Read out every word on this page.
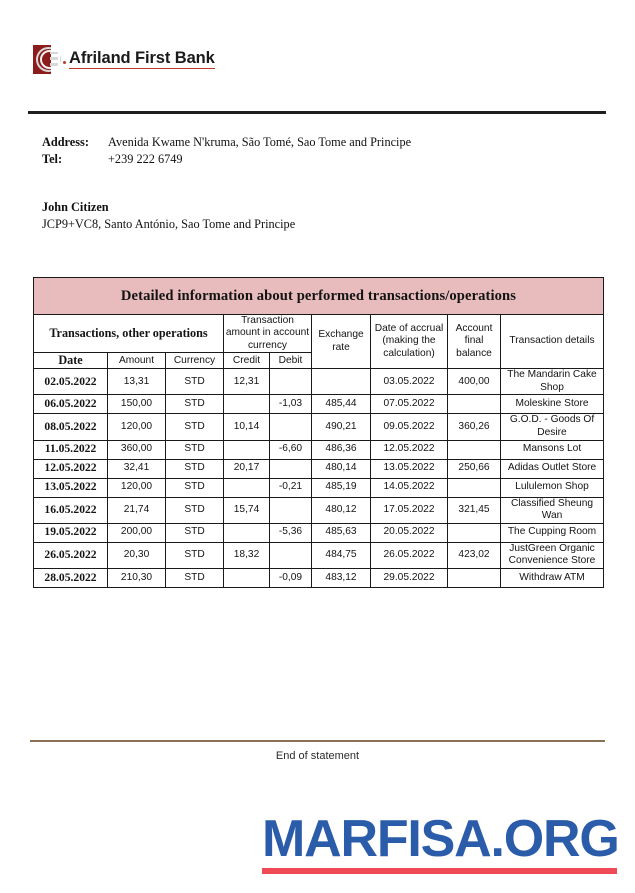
Afriland First Bank
Address:	Avenida Kwame N'kruma, São Tomé, Sao Tome and Principe
Tel:	+239 222 6749
John Citizen
JCP9+VC8, Santo António, Sao Tome and Principe
Detailed information about performed transactions/operations								
Transactions, other operations			Transaction amount in account currency		Exchange rate	Date of accrual (making the calculation)	Account final balance	Transaction details
Date	Amount	Currency	Credit	Debit				
02.05.2022	13,31	STD	12,31			03.05.2022	400,00	The Mandarin Cake Shop
06.05.2022	150,00	STD		-1,03	485,44	07.05.2022		Moleskine Store
08.05.2022	120,00	STD	10,14		490,21	09.05.2022	360,26	G.O.D. - Goods Of Desire
11.05.2022	360,00	STD		-6,60	486,36	12.05.2022		Mansons Lot
12.05.2022	32,41	STD	20,17		480,14	13.05.2022	250,66	Adidas Outlet Store
13.05.2022	120,00	STD		-0,21	485,19	14.05.2022		Lululemon Shop
16.05.2022	21,74	STD	15,74		480,12	17.05.2022	321,45	Classified Sheung Wan
19.05.2022	200,00	STD		-5,36	485,63	20.05.2022		The Cupping Room
26.05.2022	20,30	STD	18,32		484,75	26.05.2022	423,02	JustGreen Organic Convenience Store
28.05.2022	210,30	STD		-0,09	483,12	29.05.2022		Withdraw ATM
End of statement
MARFISA.ORG
